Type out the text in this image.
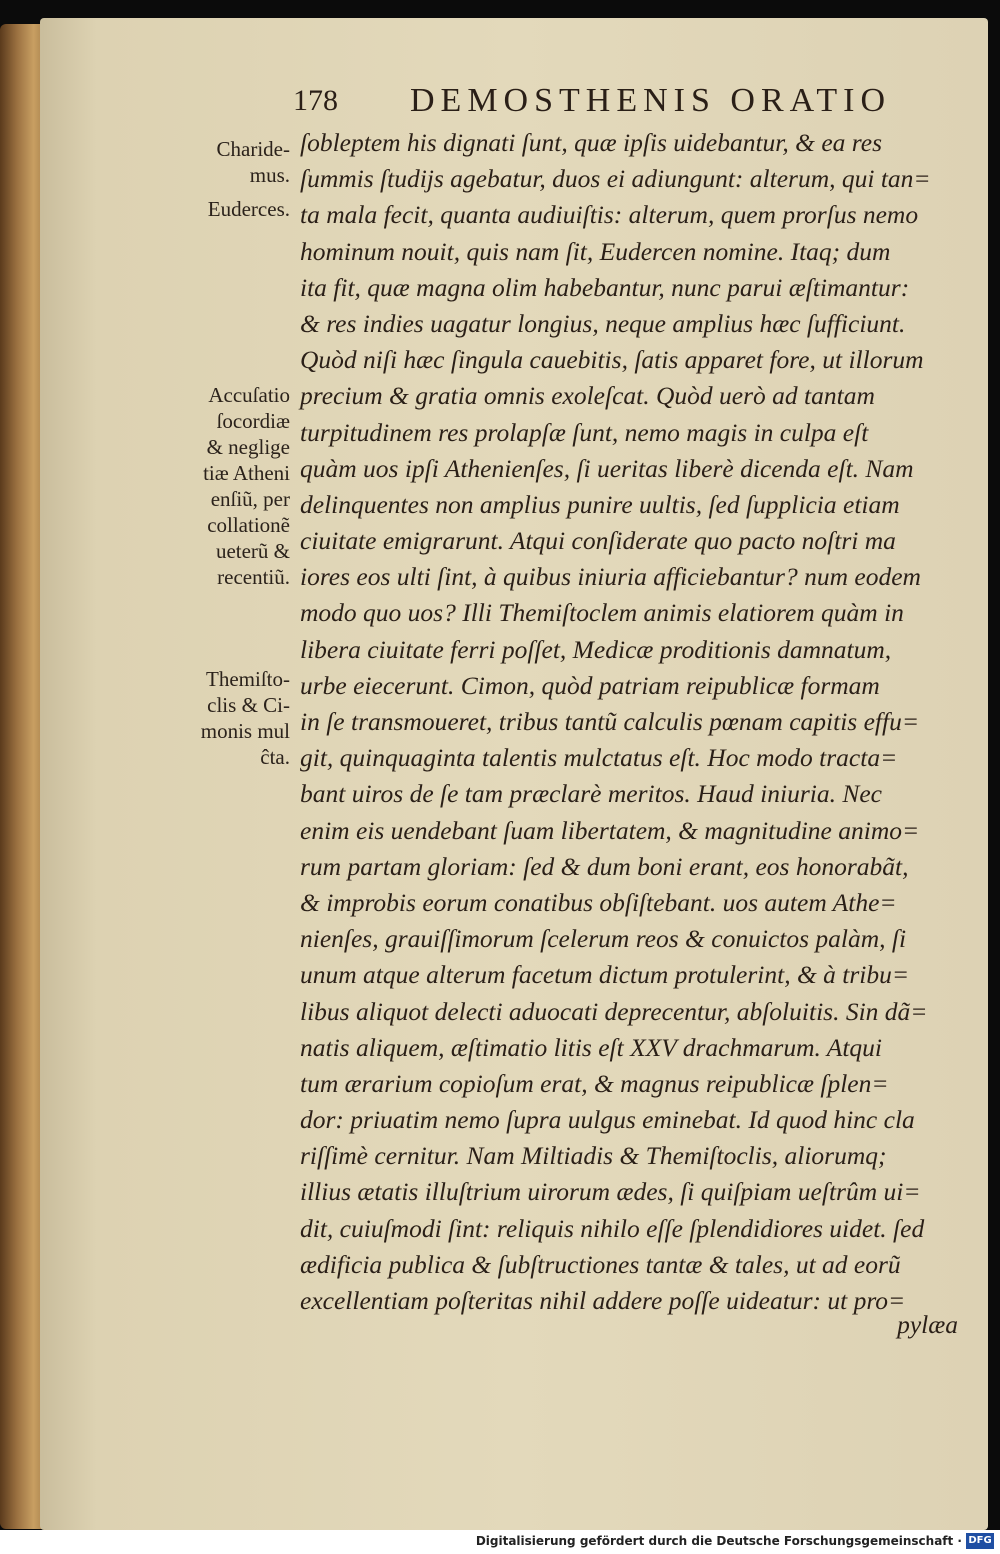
178 DEMOSTHENIS ORATIO
Charide-
mus.
Euderces.
Accuſatio
ſocordiæ
& neglige
tiæ Atheni
enſiũ, per
collationẽ
ueterũ &
recentiũ.
Themiſto-
clis & Ci-
monis mul
ĉta.
ſobleptem his dignati ſunt, quæ ipſis uidebantur, & ea res
ſummis ſtudijs agebatur, duos ei adiungunt: alterum, qui tan=
ta mala fecit, quanta audiuiſtis: alterum, quem prorſus nemo
hominum nouit, quis nam ſit, Eudercen nomine. Itaq; dum
ita fit, quæ magna olim habebantur, nunc parui æſtimantur:
& res indies uagatur longius, neque amplius hæc ſufficiunt.
Quòd niſi hæc ſingula cauebitis, ſatis apparet fore, ut illorum
precium & gratia omnis exoleſcat. Quòd uerò ad tantam
turpitudinem res prolapſæ ſunt, nemo magis in culpa eſt
quàm uos ipſi Athenienſes, ſi ueritas liberè dicenda eſt. Nam
delinquentes non amplius punire uultis, ſed ſupplicia etiam
ciuitate emigrarunt. Atqui conſiderate quo pacto noſtri ma
iores eos ulti ſint, à quibus iniuria afficiebantur? num eodem
modo quo uos? Illi Themiſtoclem animis elatiorem quàm in
libera ciuitate ferri poſſet, Medicæ proditionis damnatum,
urbe eiecerunt. Cimon, quòd patriam reipublicæ formam
in ſe transmoueret, tribus tantũ calculis pœnam capitis effu=
git, quinquaginta talentis mulctatus eſt. Hoc modo tracta=
bant uiros de ſe tam præclarè meritos. Haud iniuria. Nec
enim eis uendebant ſuam libertatem, & magnitudine animo=
rum partam gloriam: ſed & dum boni erant, eos honorabãt,
& improbis eorum conatibus obſiſtebant. uos autem Athe=
nienſes, grauiſſimorum ſcelerum reos & conuictos palàm, ſi
unum atque alterum facetum dictum protulerint, & à tribu=
libus aliquot delecti aduocati deprecentur, abſoluitis. Sin dã=
natis aliquem, æſtimatio litis eſt XXV drachmarum. Atqui
tum ærarium copioſum erat, & magnus reipublicæ ſplen=
dor: priuatim nemo ſupra uulgus eminebat. Id quod hinc cla
riſſimè cernitur. Nam Miltiadis & Themiſtoclis, aliorumq;
illius ætatis illuſtrium uirorum ædes, ſi quiſpiam ueſtrûm ui=
dit, cuiuſmodi ſint: reliquis nihilo eſſe ſplendidiores uidet. ſed
ædificia publica & ſubſtructiones tantæ & tales, ut ad eorũ
excellentiam poſteritas nihil addere poſſe uideatur: ut pro=
pylæa
Digitalisierung gefördert durch die Deutsche Forschungsgemeinschaft · DFG
